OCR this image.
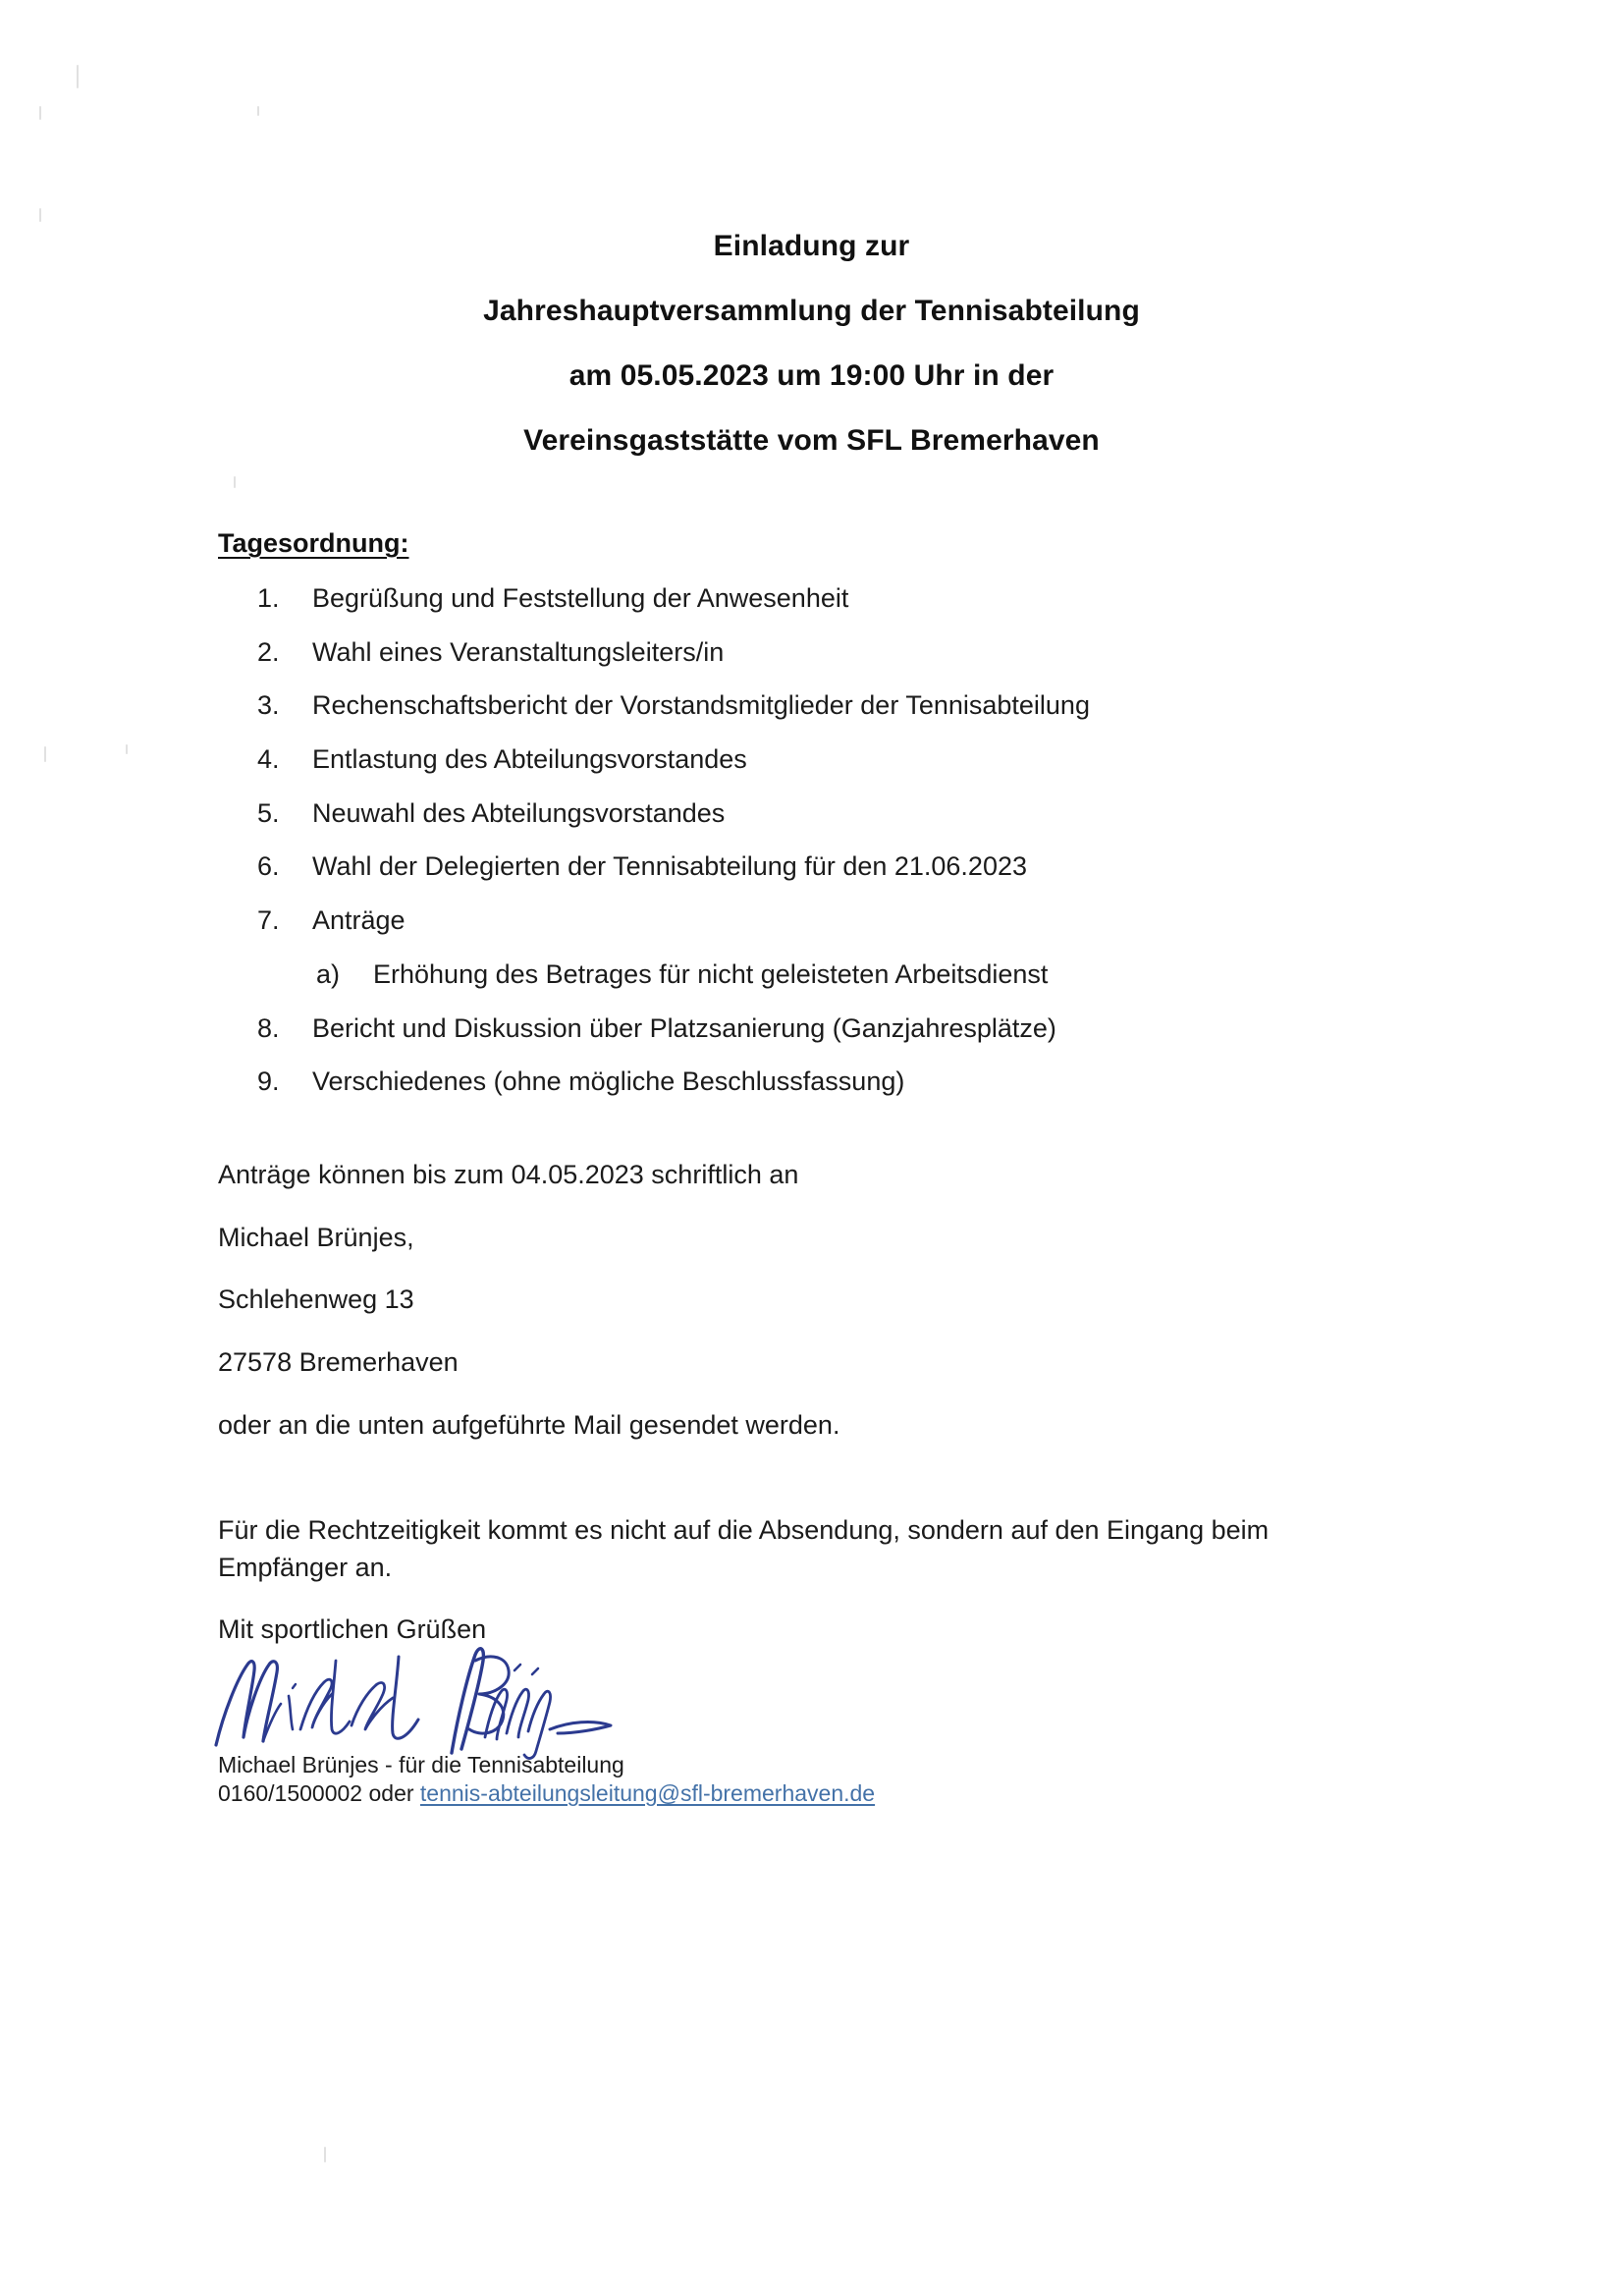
Einladung zur
Jahreshauptversammlung der Tennisabteilung
am 05.05.2023 um 19:00 Uhr in der
Vereinsgaststätte vom SFL Bremerhaven
Tagesordnung:
1.	Begrüßung und Feststellung der Anwesenheit
2.	Wahl eines Veranstaltungsleiters/in
3.	Rechenschaftsbericht der Vorstandsmitglieder der Tennisabteilung
4.	Entlastung des Abteilungsvorstandes
5.	Neuwahl des Abteilungsvorstandes
6.	Wahl der Delegierten der Tennisabteilung für den 21.06.2023
7.	Anträge
a) Erhöhung des Betrages für nicht geleisteten Arbeitsdienst
8.	Bericht und Diskussion über Platzsanierung (Ganzjahresplätze)
9.	Verschiedenes (ohne mögliche Beschlussfassung)

Anträge können bis zum 04.05.2023 schriftlich an

Michael Brünjes,

Schlehenweg 13

27578 Bremerhaven

oder an die unten aufgeführte Mail gesendet werden.

Für die Rechtzeitigkeit kommt es nicht auf die Absendung, sondern auf den Eingang beim Empfänger an.

Mit sportlichen Grüßen

Michael Brünjes - für die Tennisabteilung

0160/1500002 oder tennis-abteilungsleitung@sfl-bremerhaven.de
